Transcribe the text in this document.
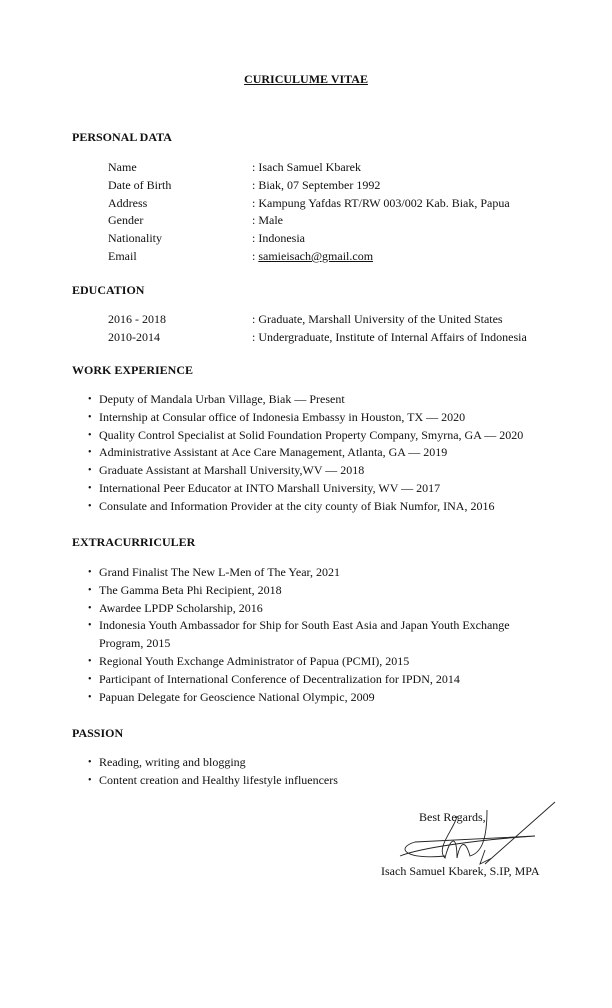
CURICULUME VITAE
PERSONAL DATA
Name	: Isach Samuel Kbarek
Date of Birth	: Biak, 07 September 1992
Address	: Kampung Yafdas RT/RW 003/002 Kab. Biak, Papua
Gender	: Male
Nationality	: Indonesia
Email	: samieisach@gmail.com
EDUCATION
2016 - 2018	: Graduate, Marshall University of the United States
2010-2014	: Undergraduate, Institute of Internal Affairs of Indonesia
WORK EXPERIENCE
• Deputy of Mandala Urban Village, Biak — Present
• Internship at Consular office of Indonesia Embassy in Houston, TX — 2020
• Quality Control Specialist at Solid Foundation Property Company, Smyrna, GA — 2020
• Administrative Assistant at Ace Care Management, Atlanta, GA — 2019
• Graduate Assistant at Marshall University,WV — 2018
• International Peer Educator at INTO Marshall University, WV — 2017
• Consulate and Information Provider at the city county of Biak Numfor, INA, 2016
EXTRACURRICULER
• Grand Finalist The New L-Men of The Year, 2021
• The Gamma Beta Phi Recipient, 2018
• Awardee LPDP Scholarship, 2016
• Indonesia Youth Ambassador for Ship for South East Asia and Japan Youth Exchange Program, 2015
• Regional Youth Exchange Administrator of Papua (PCMI), 2015
• Participant of International Conference of Decentralization for IPDN, 2014
• Papuan Delegate for Geoscience National Olympic, 2009
PASSION
• Reading, writing and blogging
• Content creation and Healthy lifestyle influencers
Best Regards,
Isach Samuel Kbarek, S.IP, MPA
